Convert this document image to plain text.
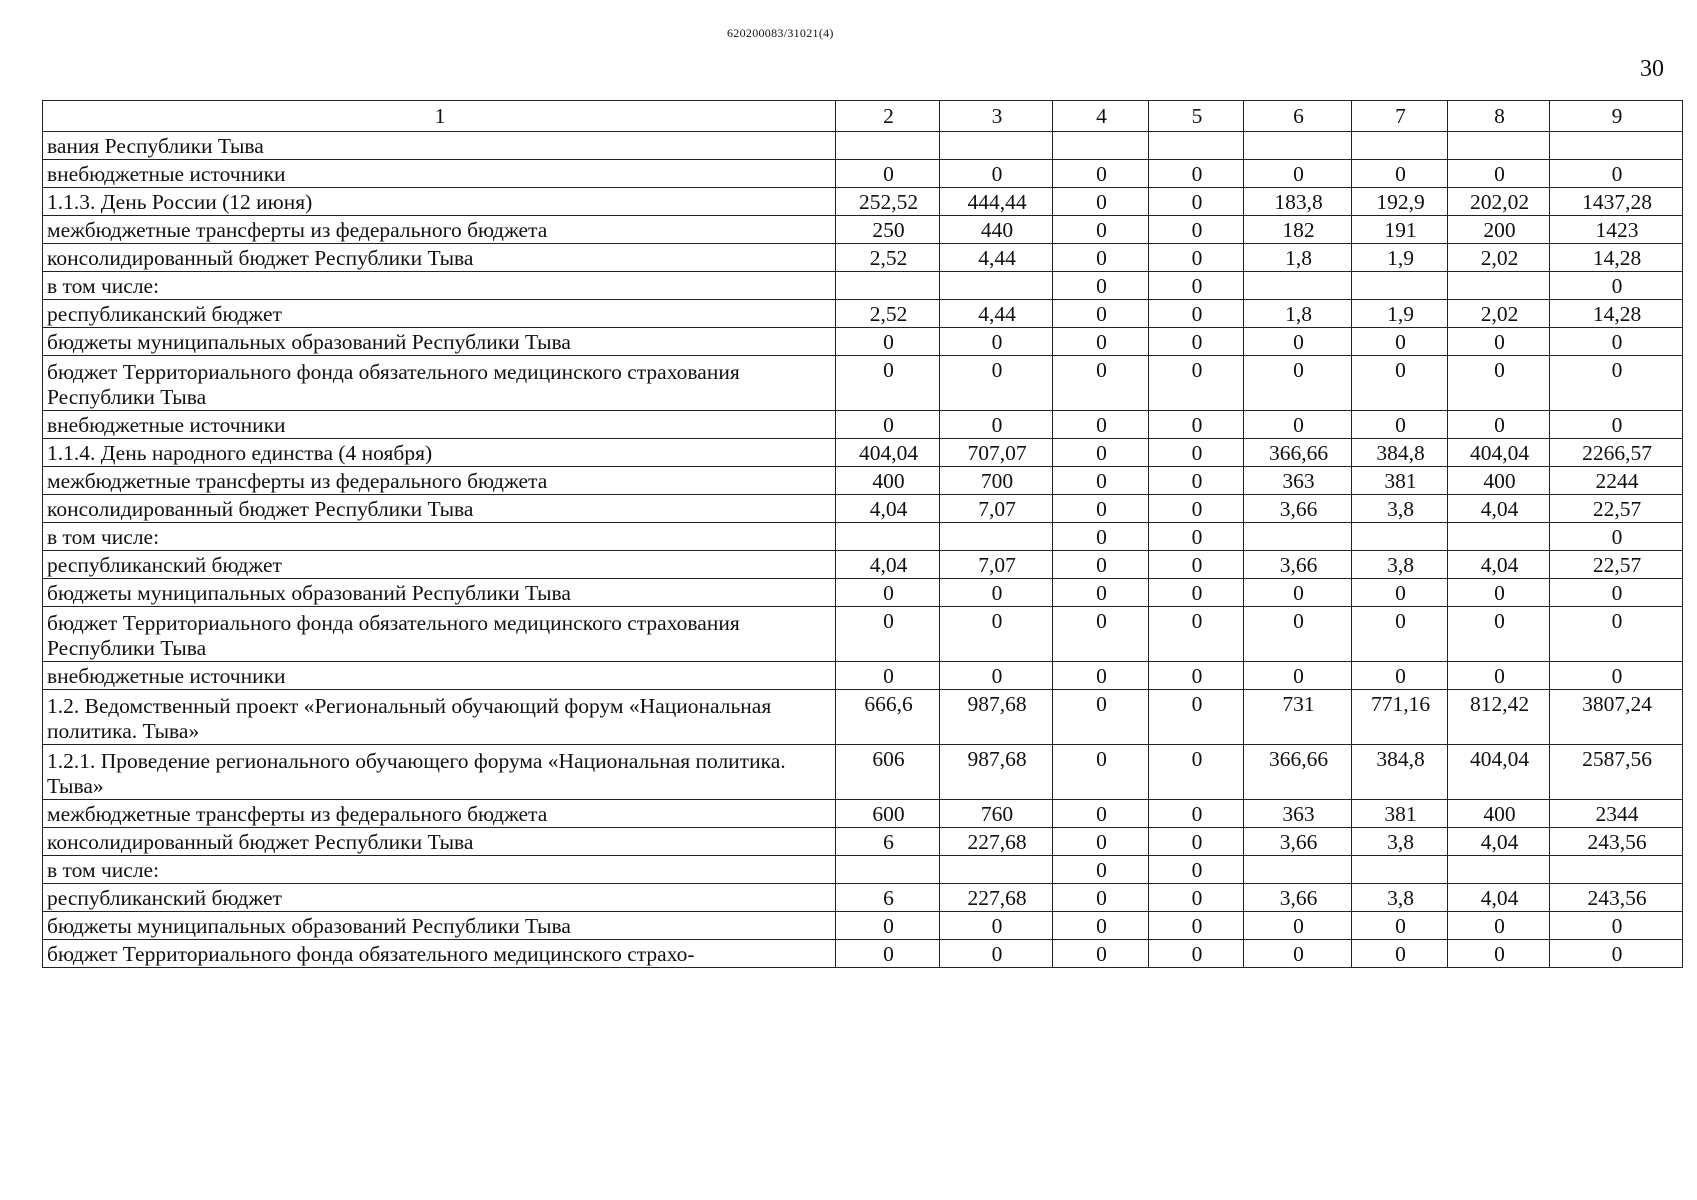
620200083/31021(4)
30
1	2	3	4	5	6	7	8	9
вания Республики Тыва								
внебюджетные источники	0	0	0	0	0	0	0	0
1.1.3. День России (12 июня)	252,52	444,44	0	0	183,8	192,9	202,02	1437,28
межбюджетные трансферты из федерального бюджета	250	440	0	0	182	191	200	1423
консолидированный бюджет Республики Тыва	2,52	4,44	0	0	1,8	1,9	2,02	14,28
в том числе:			0	0				0
республиканский бюджет	2,52	4,44	0	0	1,8	1,9	2,02	14,28
бюджеты муниципальных образований Республики Тыва	0	0	0	0	0	0	0	0
бюджет Территориального фонда обязательного медицинского страхования Республики Тыва	0	0	0	0	0	0	0	0
внебюджетные источники	0	0	0	0	0	0	0	0
1.1.4. День народного единства (4 ноября)	404,04	707,07	0	0	366,66	384,8	404,04	2266,57
межбюджетные трансферты из федерального бюджета	400	700	0	0	363	381	400	2244
консолидированный бюджет Республики Тыва	4,04	7,07	0	0	3,66	3,8	4,04	22,57
в том числе:			0	0				0
республиканский бюджет	4,04	7,07	0	0	3,66	3,8	4,04	22,57
бюджеты муниципальных образований Республики Тыва	0	0	0	0	0	0	0	0
бюджет Территориального фонда обязательного медицинского страхования Республики Тыва	0	0	0	0	0	0	0	0
внебюджетные источники	0	0	0	0	0	0	0	0
1.2. Ведомственный проект «Региональный обучающий форум «Национальная политика. Тыва»	666,6	987,68	0	0	731	771,16	812,42	3807,24
1.2.1. Проведение регионального обучающего форума «Национальная политика. Тыва»	606	987,68	0	0	366,66	384,8	404,04	2587,56
межбюджетные трансферты из федерального бюджета	600	760	0	0	363	381	400	2344
консолидированный бюджет Республики Тыва	6	227,68	0	0	3,66	3,8	4,04	243,56
в том числе:			0	0				
республиканский бюджет	6	227,68	0	0	3,66	3,8	4,04	243,56
бюджеты муниципальных образований Республики Тыва	0	0	0	0	0	0	0	0
бюджет Территориального фонда обязательного медицинского страхо-	0	0	0	0	0	0	0	0
